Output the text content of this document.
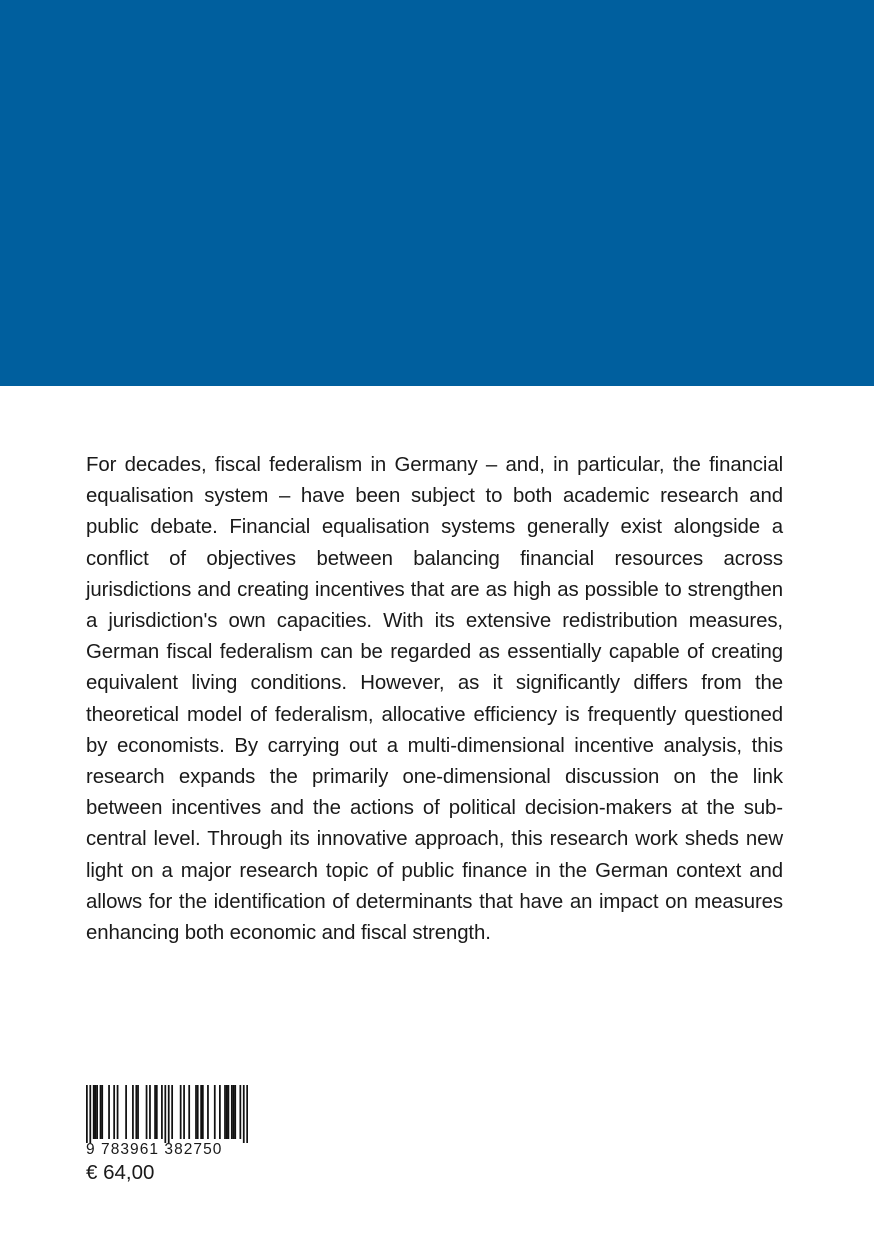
For decades, fiscal federalism in Germany – and, in particular, the financial equalisation system – have been subject to both academic research and public debate. Financial equalisation systems generally exist alongside a conflict of objectives between balancing financial resources across jurisdictions and creating incentives that are as high as possible to strengthen a jurisdiction's own capacities. With its extensive redistribution measures, German fiscal federalism can be regarded as essentially capable of creating equivalent living conditions. However, as it significantly differs from the theoretical model of federalism, allocative efficiency is frequently questioned by economists. By carrying out a multi-dimensional incentive analysis, this research expands the primarily one-dimensional discussion on the link between incentives and the actions of political decision-makers at the sub-central level. Through its innovative approach, this research work sheds new light on a major research topic of public finance in the German context and allows for the identification of determinants that have an impact on measures enhancing both economic and fiscal strength.

9 783961 382750
€ 64,00
